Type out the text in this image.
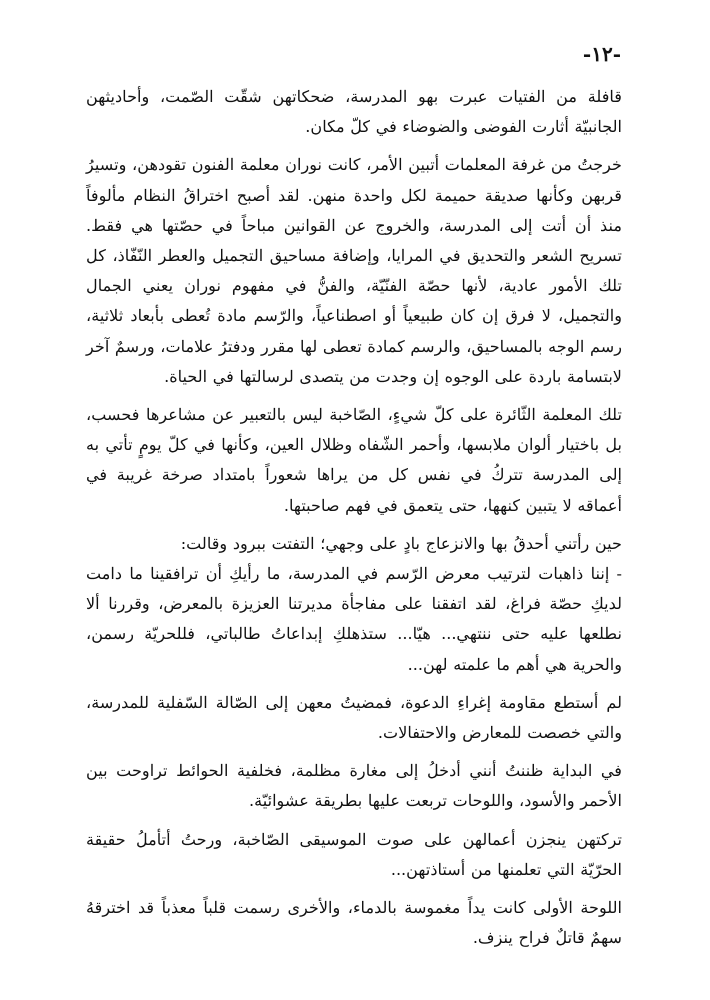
-١٢-

قافلة من الفتيات عبرت بهو المدرسة، ضحكاتهن شقّت الصّمت، وأحاديثهن الجانبيّة أثارت الفوضى والضوضاء في كلّ مكان.

خرجتُ من غرفة المعلمات أتبين الأمر، كانت نوران معلمة الفنون تقودهن، وتسيرُ قربهن وكأنها صديقة حميمة لكل واحدة منهن. لقد أصبح اختراقُ النظام مألوفاً منذ أن أتت إلى المدرسة، والخروج عن القوانين مباحاً في حصّتها هي فقط. تسريح الشعر والتحديق في المرايا، وإضافة مساحيق التجميل والعطر النّفّاذ، كل تلك الأمور عادية، لأنها حصّة الفنّيّة، والفنُّ في مفهوم نوران يعني الجمال والتجميل، لا فرق إن كان طبيعياً أو اصطناعياً، والرّسم مادة تُعطى بأبعاد ثلاثية، رسم الوجه بالمساحيق، والرسم كمادة تعطى لها مقرر ودفترُ علامات، ورسمٌ آخر لابتسامة باردة على الوجوه إن وجدت من يتصدى لرسالتها في الحياة.

تلك المعلمة الثّائرة على كلّ شيءٍ، الصّاخبة ليس بالتعبير عن مشاعرها فحسب، بل باختيار ألوان ملابسها، وأحمر الشّفاه وظلال العين، وكأنها في كلّ يومٍ تأتي به إلى المدرسة تتركُ في نفس كل من يراها شعوراً بامتداد صرخة غريبة في أعماقه لا يتبين كنهها، حتى يتعمق في فهم صاحبتها.

حين رأتني أحدقُ بها والانزعاج بادٍ على وجهي؛ التفتت ببرود وقالت:

- إننا ذاهبات لترتيب معرض الرّسم في المدرسة، ما رأيكِ أن ترافقينا ما دامت لديكِ حصّة فراغ، لقد اتفقنا على مفاجأة مديرتنا العزيزة بالمعرض، وقررنا ألا نطلعها عليه حتى ننتهي... هيّا... ستذهلكِ إبداعاتُ طالباتي، فللحريّة رسمن، والحرية هي أهم ما علمته لهن...

لم أستطع مقاومة إغراءِ الدعوة، فمضيتُ معهن إلى الصّالة السّفلية للمدرسة، والتي خصصت للمعارض والاحتفالات.

في البداية ظننتُ أنني أدخلُ إلى مغارة مظلمة، فخلفية الحوائط تراوحت بين الأحمر والأسود، واللوحات تربعت عليها بطريقة عشوائيّة.

تركتهن ينجزن أعمالهن على صوت الموسيقى الصّاخبة، ورحتُ أتأملُ حقيقة الحرّيّة التي تعلمنها من أستاذتهن...

اللوحة الأولى كانت يداً مغموسة بالدماء، والأخرى رسمت قلباً معذباً قد اخترقهُ سهمٌ قاتلٌ فراح ينزف.
